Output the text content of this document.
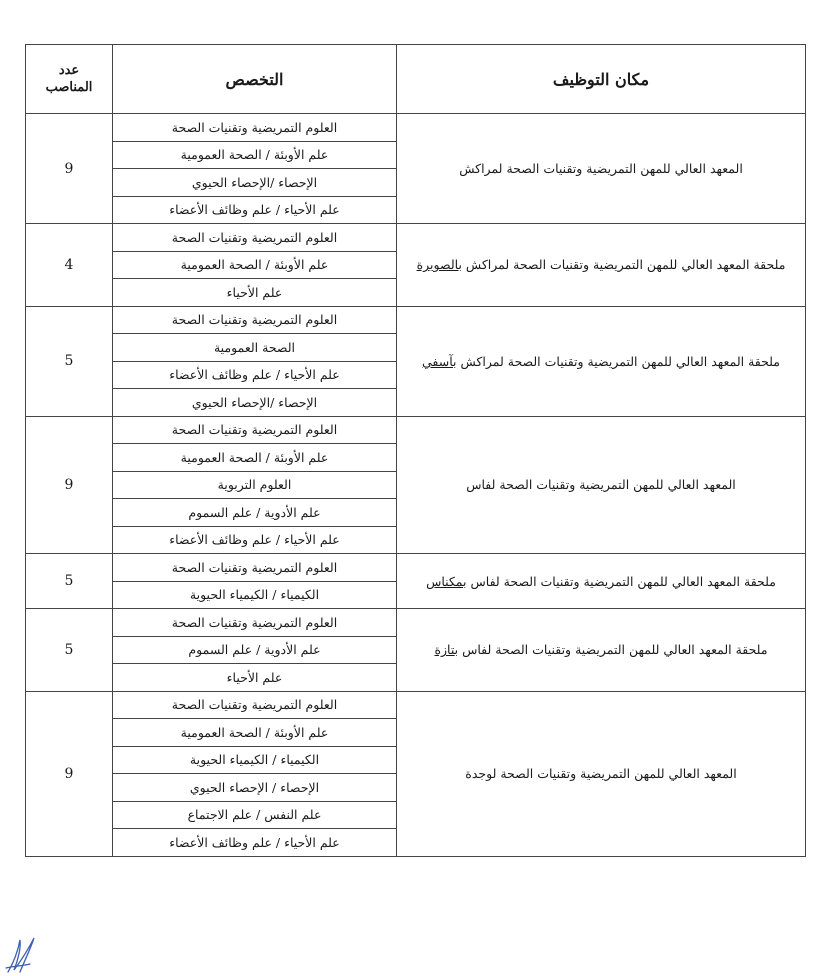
عدد
المناصب	التخصص	مكان التوظيف
9	العلوم التمريضية وتقنيات الصحة	المعهد العالي للمهن التمريضية وتقنيات الصحة لمراكش
	علم الأوبئة / الصحة العمومية	
	الإحصاء /الإحصاء الحيوي	
	علم الأحياء / علم وظائف الأعضاء	
4	العلوم التمريضية وتقنيات الصحة	ملحقة المعهد العالي للمهن التمريضية وتقنيات الصحة لمراكش بالصويرة
	علم الأوبئة / الصحة العمومية	
	علم الأحياء	
5	العلوم التمريضية وتقنيات الصحة	ملحقة المعهد العالي للمهن التمريضية وتقنيات الصحة لمراكش بآسفي
	الصحة العمومية	
	علم الأحياء / علم وظائف الأعضاء	
	الإحصاء /الإحصاء الحيوي	
9	العلوم التمريضية وتقنيات الصحة	المعهد العالي للمهن التمريضية وتقنيات الصحة لفاس
	علم الأوبئة / الصحة العمومية	
	العلوم التربوية	
	علم الأدوية / علم السموم	
	علم الأحياء / علم وظائف الأعضاء	
5	العلوم التمريضية وتقنيات الصحة	ملحقة المعهد العالي للمهن التمريضية وتقنيات الصحة لفاس بمكناس
	الكيمياء / الكيمياء الحيوية	
5	العلوم التمريضية وتقنيات الصحة	ملحقة المعهد العالي للمهن التمريضية وتقنيات الصحة لفاس بتازة
	علم الأدوية / علم السموم	
	علم الأحياء	
9	العلوم التمريضية وتقنيات الصحة	المعهد العالي للمهن التمريضية وتقنيات الصحة لوجدة
	علم الأوبئة / الصحة العمومية	
	الكيمياء / الكيمياء الحيوية	
	الإحصاء / الإحصاء الحيوي	
	علم النفس / علم الاجتماع	
	علم الأحياء / علم وظائف الأعضاء	
